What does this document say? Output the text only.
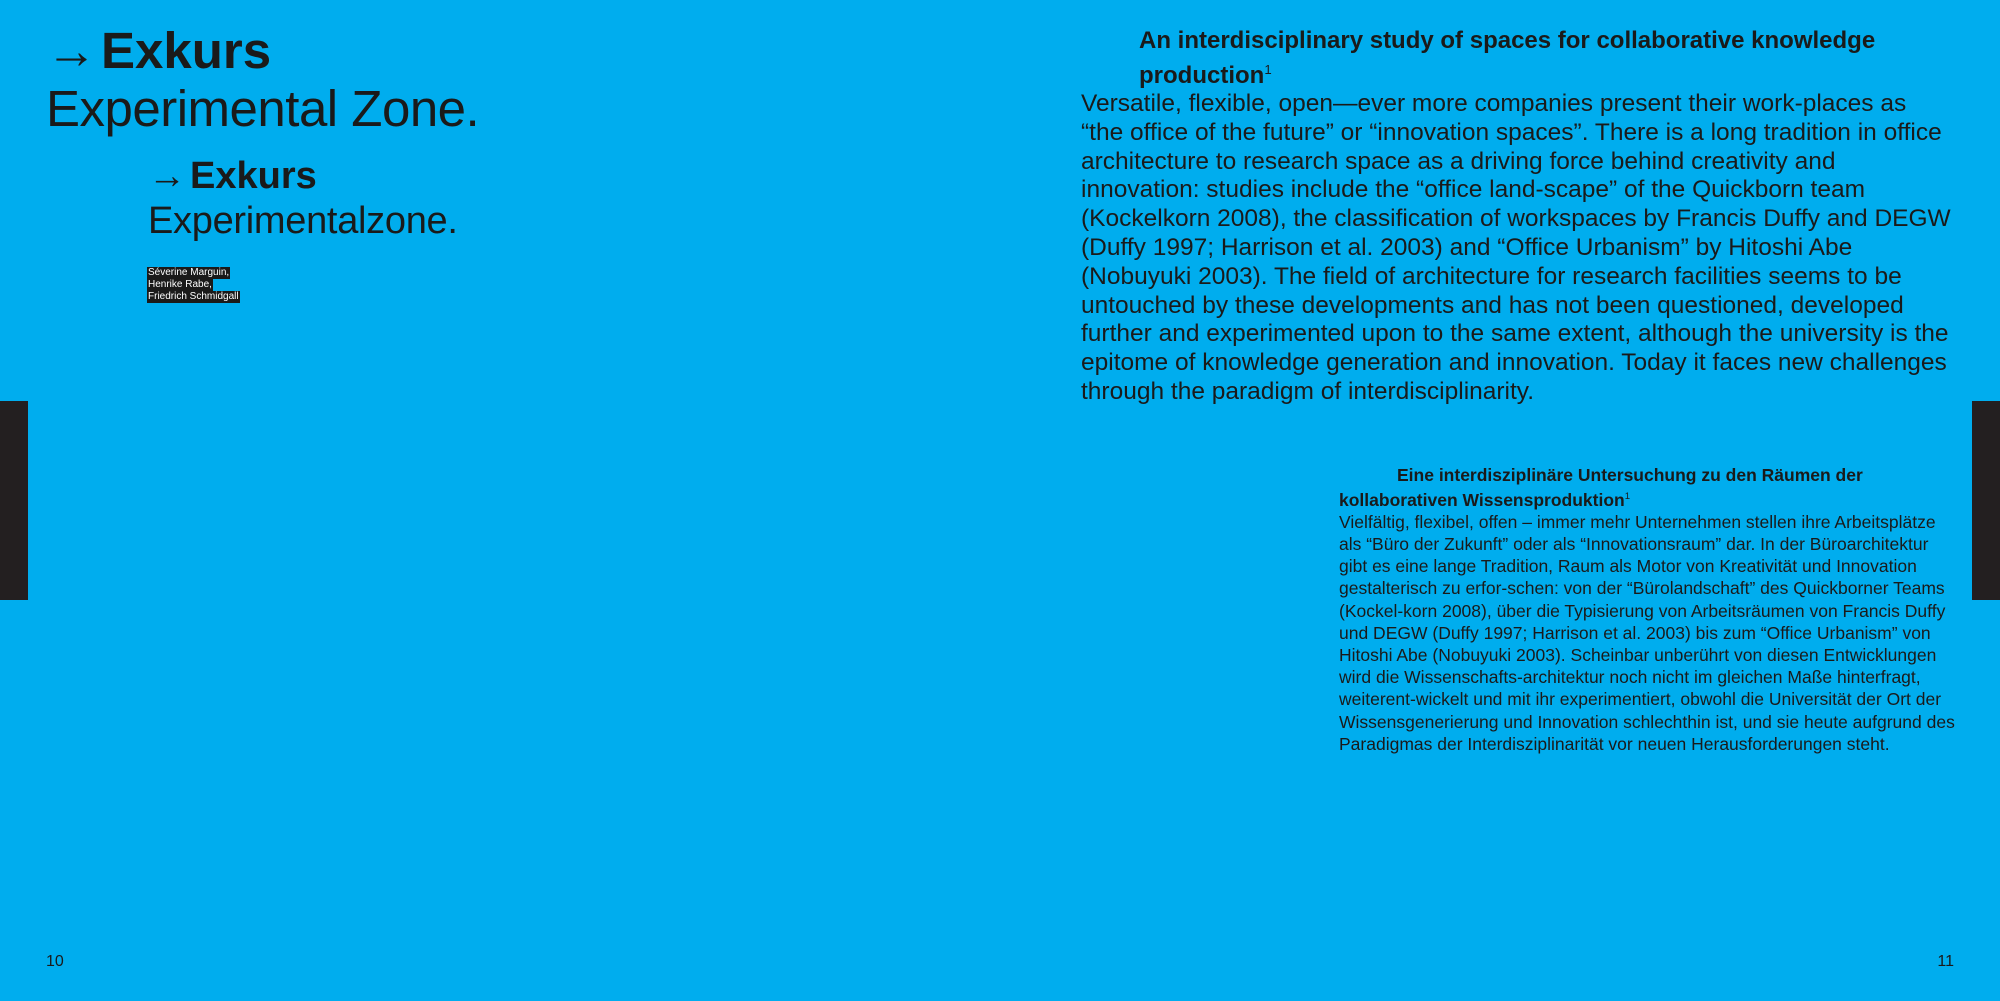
→Exkurs
Experimental Zone.
→ Exkurs
Experimentalzone.
Séverine Marguin,
Henrike Rabe,
Friedrich Schmidgall

An interdisciplinary study of spaces for collaborative knowledge production$^1$

Versatile, flexible, open—ever more companies present their work-places as “the office of the future” or “innovation spaces”. There is a long tradition in office architecture to research space as a driving force behind creativity and innovation: studies include the “office land-scape” of the Quickborn team (Kockelkorn 2008), the classification of workspaces by Francis Duffy and DEGW (Duffy 1997; Harrison et al. 2003) and “Office Urbanism” by Hitoshi Abe (Nobuyuki 2003). The field of architecture for research facilities seems to be untouched by these developments and has not been questioned, developed further and experimented upon to the same extent, although the university is the epitome of knowledge generation and innovation. Today it faces new challenges through the paradigm of interdisciplinarity.

Eine interdisziplinäre Untersuchung zu den Räumen der kollaborativen Wissensproduktion$^1$

Vielfältig, flexibel, offen – immer mehr Unternehmen stellen ihre Arbeitsplätze als “Büro der Zukunft” oder als “Innovationsraum” dar. In der Büroarchitektur gibt es eine lange Tradition, Raum als Motor von Kreativität und Innovation gestalterisch zu erfor-schen: von der “Bürolandschaft” des Quickborner Teams (Kockel-korn 2008), über die Typisierung von Arbeitsräumen von Francis Duffy und DEGW (Duffy 1997; Harrison et al. 2003) bis zum “Office Urbanism” von Hitoshi Abe (Nobuyuki 2003). Scheinbar unberührt von diesen Entwicklungen wird die Wissenschafts-architektur noch nicht im gleichen Maße hinterfragt, weiterent-wickelt und mit ihr experimentiert, obwohl die Universität der Ort der Wissensgenerierung und Innovation schlechthin ist, und sie heute aufgrund des Paradigmas der Interdisziplinarität vor neuen Herausforderungen steht.

10	11
